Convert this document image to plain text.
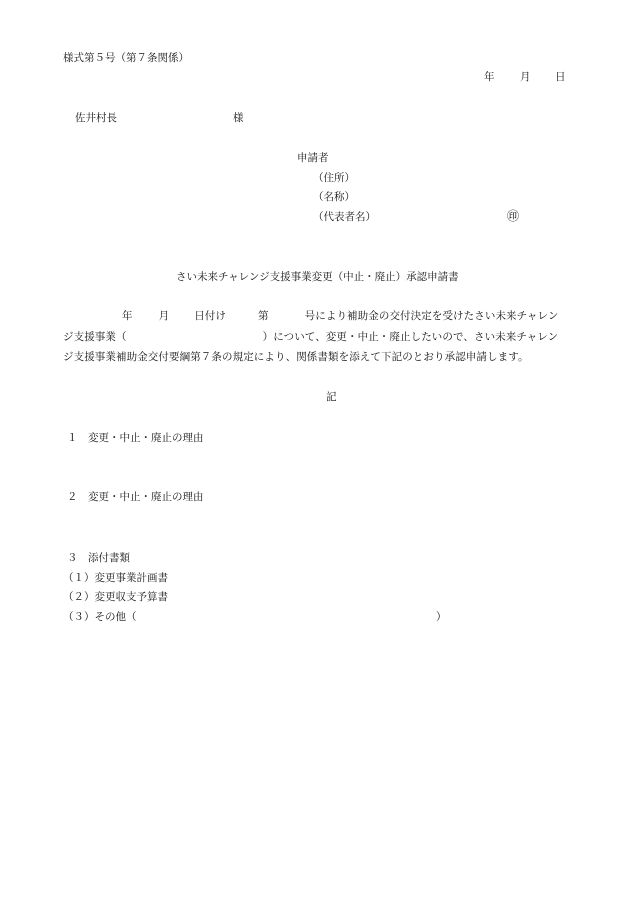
様式第５号（第７条関係）
年 月 日
佐井村長	様
申請者
（住所）
（名称）
（代表者名）	㊞
さい未来チャレンジ支援事業変更（中止・廃止）承認申請書
年 月 日付け	第	号により補助金の交付決定を受けたさい未来チャレン
ジ支援事業（	）について、変更・中止・廃止したいので、さい未来チャレン
ジ支援事業補助金交付要綱第７条の規定により、関係書類を添えて下記のとおり承認申請します。
記
１　変更・中止・廃止の理由
２　変更・中止・廃止の理由
３　添付書類
（１）変更事業計画書
（２）変更収支予算書
（３）その他（	）
